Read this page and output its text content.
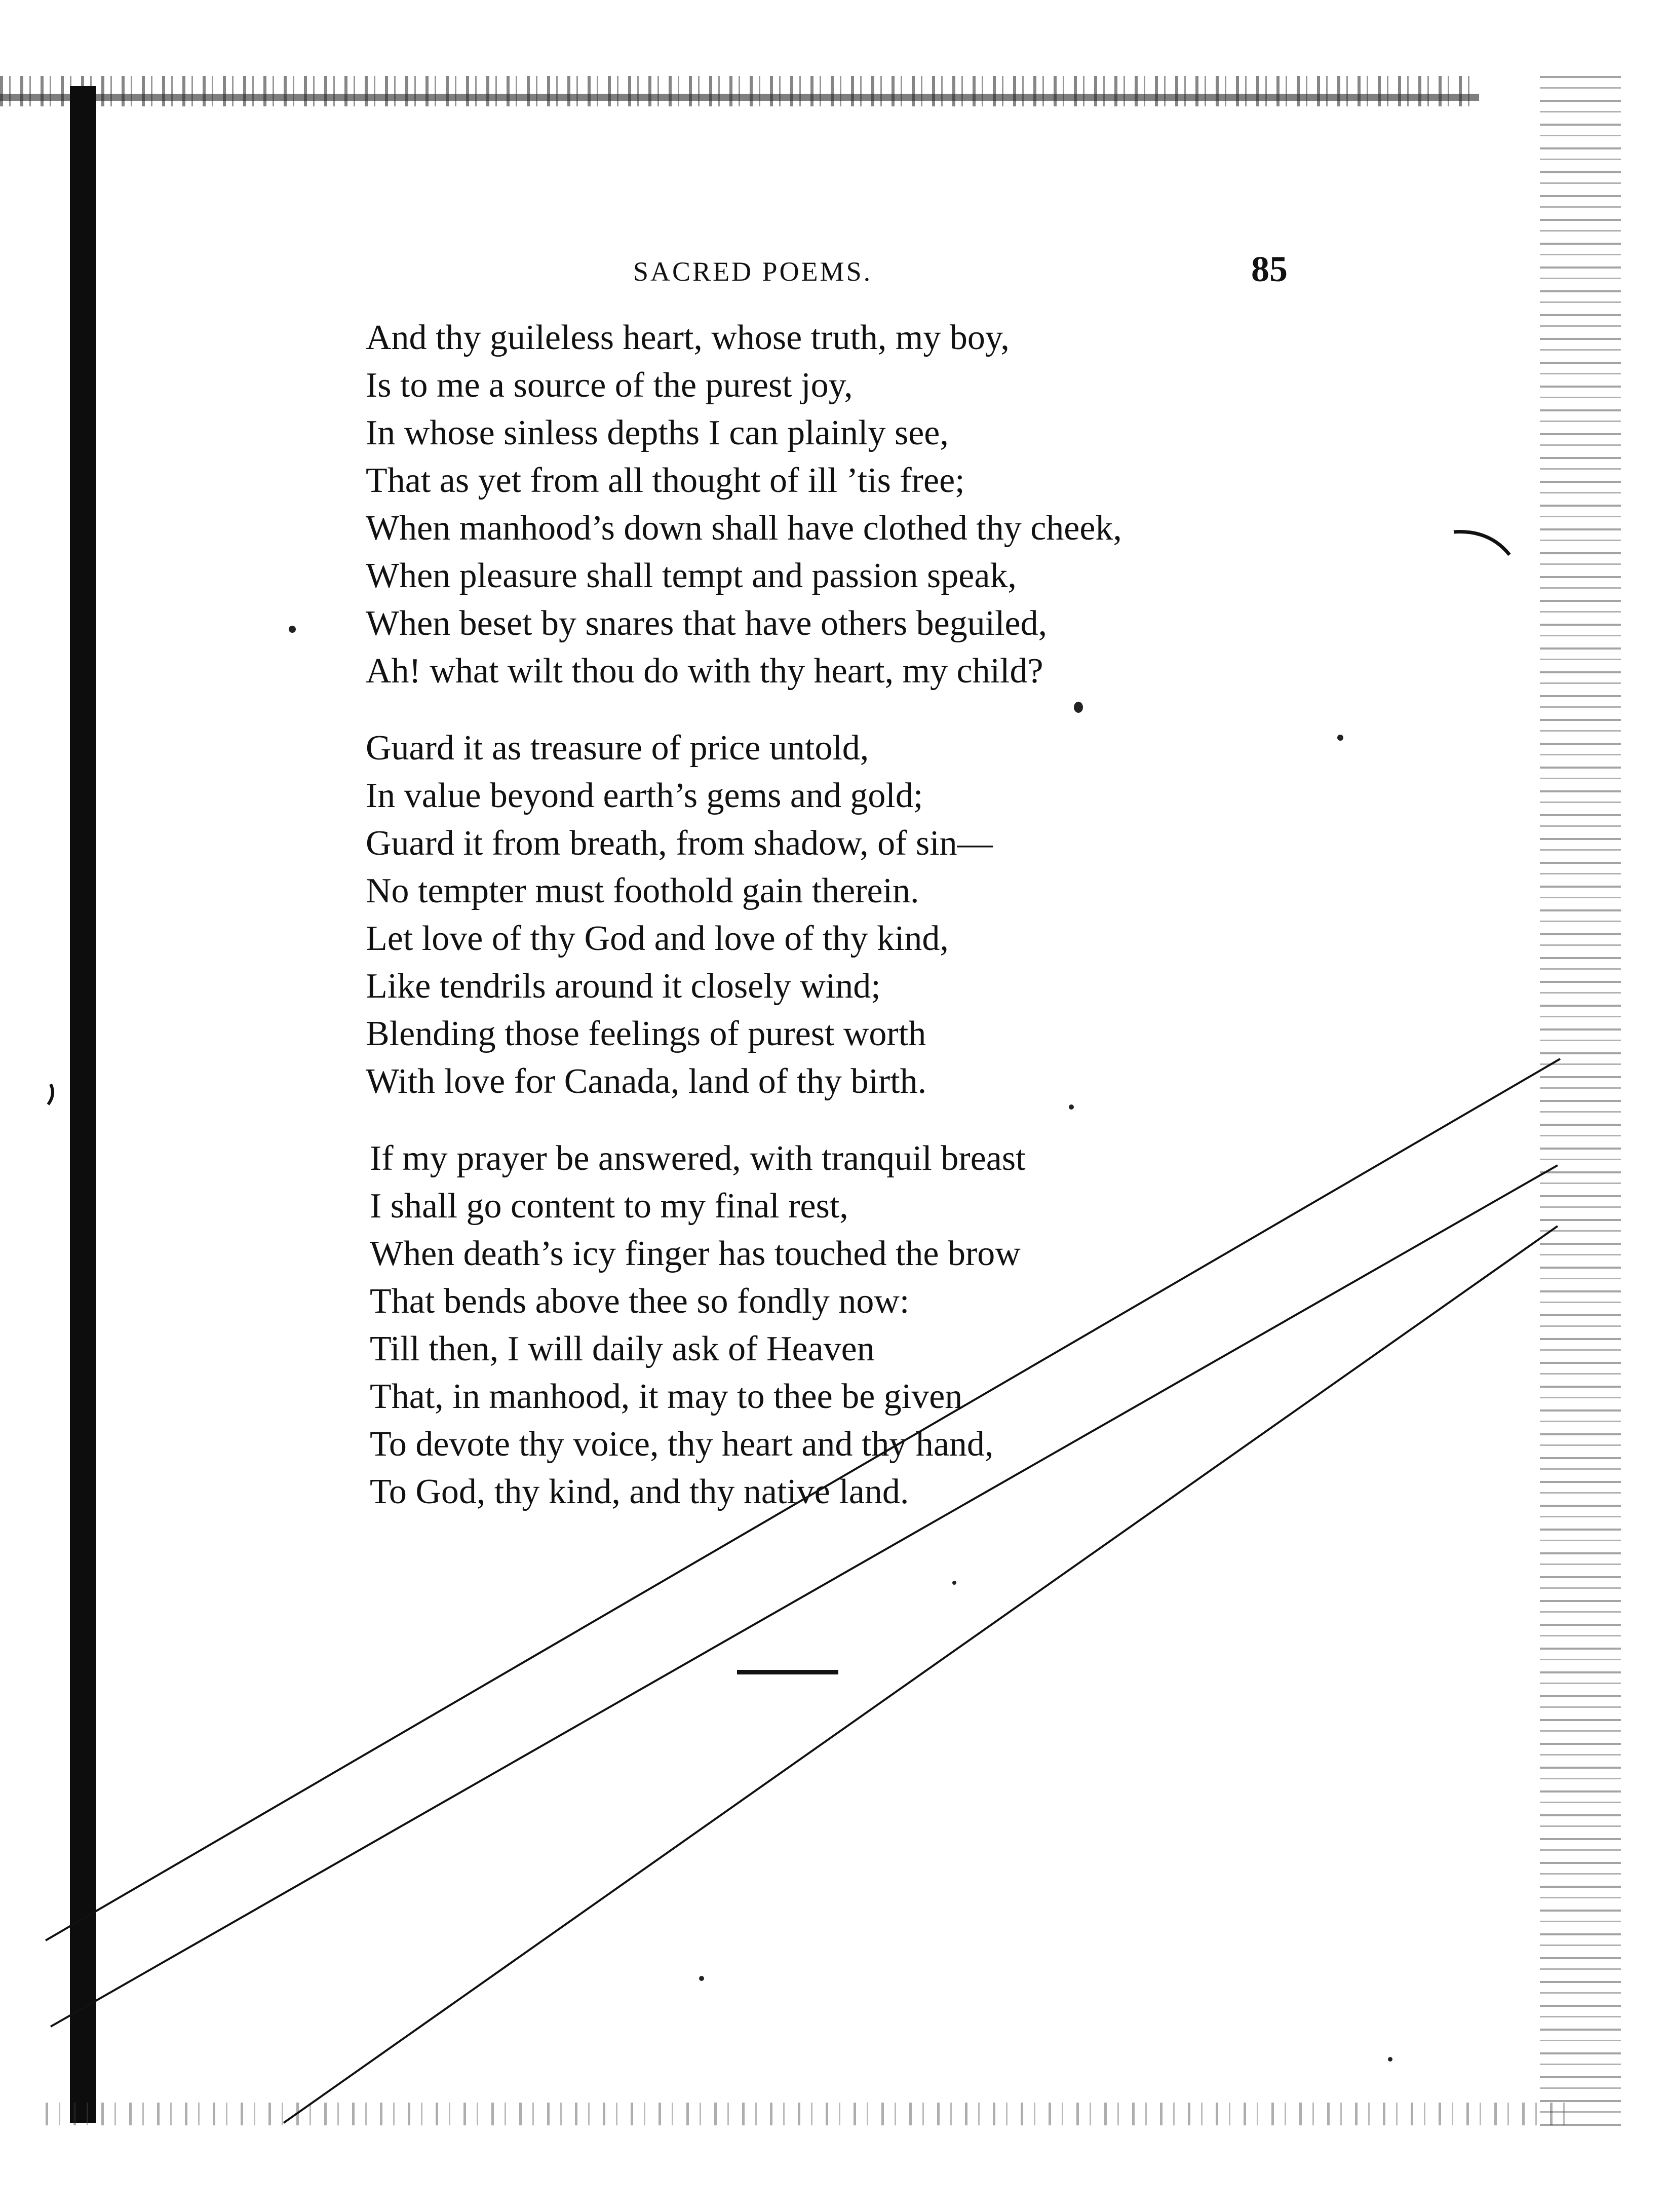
SACRED POEMS.	85
And thy guileless heart, whose truth, my boy,
Is to me a source of the purest joy,
In whose sinless depths I can plainly see,
That as yet from all thought of ill ’tis free;
When manhood’s down shall have clothed thy cheek,
When pleasure shall tempt and passion speak,
When beset by snares that have others beguiled,
Ah! what wilt thou do with thy heart, my child?
Guard it as treasure of price untold,
In value beyond earth’s gems and gold;
Guard it from breath, from shadow, of sin—
No tempter must foothold gain therein.
Let love of thy God and love of thy kind,
Like tendrils around it closely wind;
Blending those feelings of purest worth
With love for Canada, land of thy birth.
If my prayer be answered, with tranquil breast
I shall go content to my final rest,
When death’s icy finger has touched the brow
That bends above thee so fondly now:
Till then, I will daily ask of Heaven
That, in manhood, it may to thee be given
To devote thy voice, thy heart and thy hand,
To God, thy kind, and thy native land.
